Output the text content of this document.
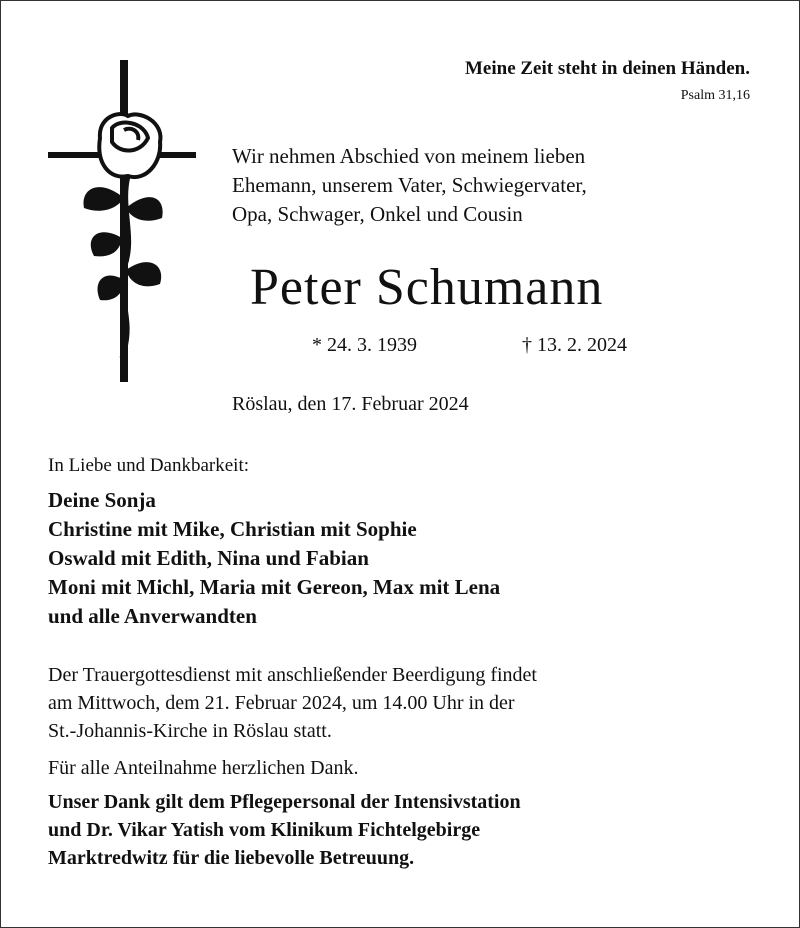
Meine Zeit steht in deinen Händen.
Psalm 31,16
Wir nehmen Abschied von meinem lieben
Ehemann, unserem Vater, Schwiegervater,
Opa, Schwager, Onkel und Cousin
Peter Schumann
* 24. 3. 1939	† 13. 2. 2024
Röslau, den 17. Februar 2024
In Liebe und Dankbarkeit:
Deine Sonja
Christine mit Mike, Christian mit Sophie
Oswald mit Edith, Nina und Fabian
Moni mit Michl, Maria mit Gereon, Max mit Lena
und alle Anverwandten
Der Trauergottesdienst mit anschließender Beerdigung findet
am Mittwoch, dem 21. Februar 2024, um 14.00 Uhr in der
St.-Johannis-Kirche in Röslau statt.
Für alle Anteilnahme herzlichen Dank.
Unser Dank gilt dem Pflegepersonal der Intensivstation
und Dr. Vikar Yatish vom Klinikum Fichtelgebirge
Marktredwitz für die liebevolle Betreuung.
